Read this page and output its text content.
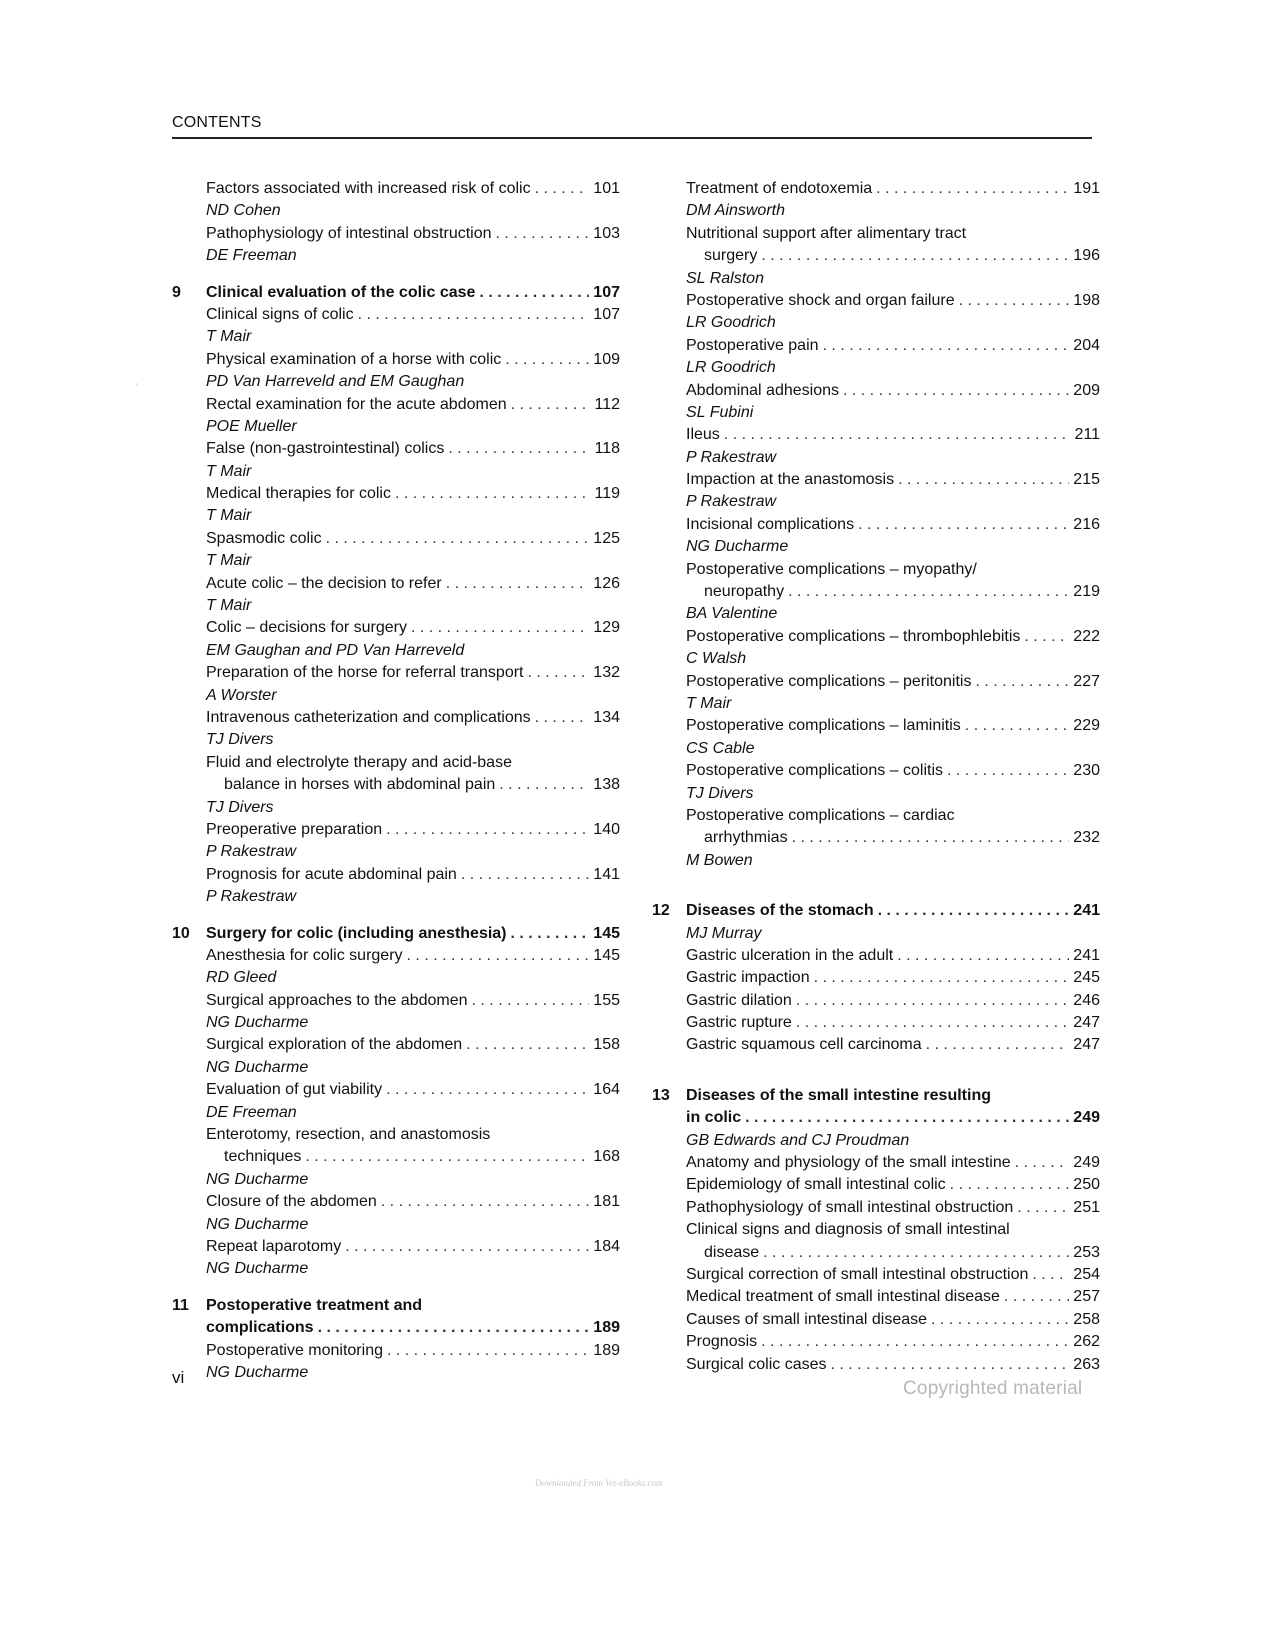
CONTENTS
‘
Factors associated with increased risk of colic . . .	101
ND Cohen
Pathophysiology of intestinal obstruction . . .	103
DE Freeman
9 Clinical evaluation of the colic case . . .	107
Clinical signs of colic . . .	107
T Mair
Physical examination of a horse with colic . . .	109
PD Van Harreveld and EM Gaughan
Rectal examination for the acute abdomen . . .	112
POE Mueller
False (non-gastrointestinal) colics . . .	118
T Mair
Medical therapies for colic . . .	119
T Mair
Spasmodic colic . . .	125
T Mair
Acute colic – the decision to refer . . .	126
T Mair
Colic – decisions for surgery . . .	129
EM Gaughan and PD Van Harreveld
Preparation of the horse for referral transport . . .	132
A Worster
Intravenous catheterization and complications . . .	134
TJ Divers
Fluid and electrolyte therapy and acid-base
balance in horses with abdominal pain . . .	138
TJ Divers
Preoperative preparation . . .	140
P Rakestraw
Prognosis for acute abdominal pain . . .	141
P Rakestraw
10 Surgery for colic (including anesthesia) . . .	145
Anesthesia for colic surgery . . .	145
RD Gleed
Surgical approaches to the abdomen . . .	155
NG Ducharme
Surgical exploration of the abdomen . . .	158
NG Ducharme
Evaluation of gut viability . . .	164
DE Freeman
Enterotomy, resection, and anastomosis
techniques . . .	168
NG Ducharme
Closure of the abdomen . . .	181
NG Ducharme
Repeat laparotomy . . .	184
NG Ducharme
11 Postoperative treatment and
complications . . .	189
Postoperative monitoring . . .	189
NG Ducharme
Treatment of endotoxemia . . .	191
DM Ainsworth
Nutritional support after alimentary tract
surgery . . .	196
SL Ralston
Postoperative shock and organ failure . . .	198
LR Goodrich
Postoperative pain . . .	204
LR Goodrich
Abdominal adhesions . . .	209
SL Fubini
Ileus . . .	211
P Rakestraw
Impaction at the anastomosis . . .	215
P Rakestraw
Incisional complications . . .	216
NG Ducharme
Postoperative complications – myopathy/
neuropathy . . .	219
BA Valentine
Postoperative complications – thrombophlebitis . . .	222
C Walsh
Postoperative complications – peritonitis . . .	227
T Mair
Postoperative complications – laminitis . . .	229
CS Cable
Postoperative complications – colitis . . .	230
TJ Divers
Postoperative complications – cardiac
arrhythmias . . .	232
M Bowen
12 Diseases of the stomach . . .	241
MJ Murray
Gastric ulceration in the adult . . .	241
Gastric impaction . . .	245
Gastric dilation . . .	246
Gastric rupture . . .	247
Gastric squamous cell carcinoma . . .	247
13 Diseases of the small intestine resulting
in colic . . .	249
GB Edwards and CJ Proudman
Anatomy and physiology of the small intestine . . .	249
Epidemiology of small intestinal colic . . .	250
Pathophysiology of small intestinal obstruction . . .	251
Clinical signs and diagnosis of small intestinal
disease . . .	253
Surgical correction of small intestinal obstruction . . .	254
Medical treatment of small intestinal disease . . .	257
Causes of small intestinal disease . . .	258
Prognosis . . .	262
Surgical colic cases . . .	263
vi
Copyrighted material
Downloaded From Vet-eBooks.com
